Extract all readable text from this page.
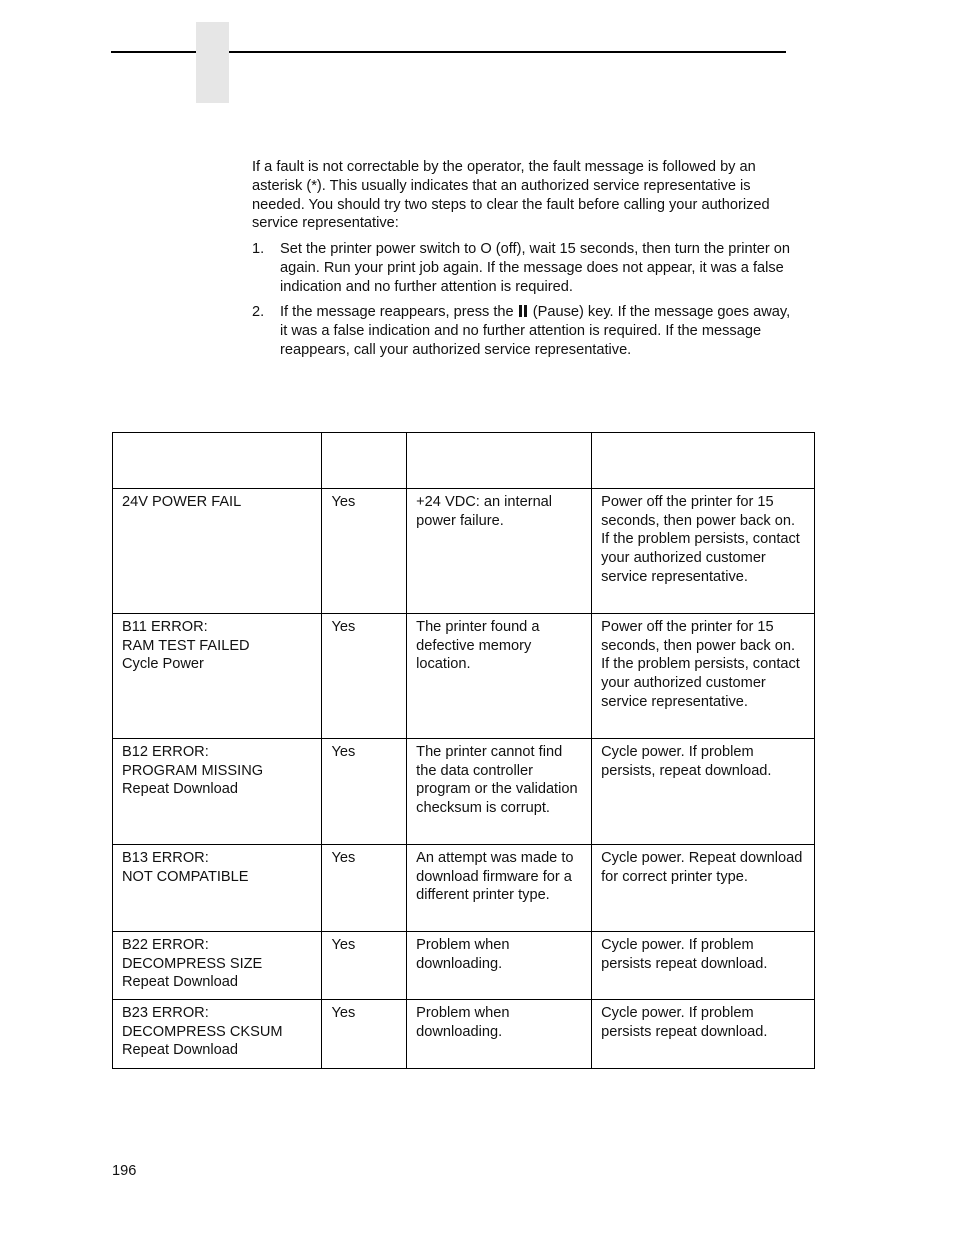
If a fault is not correctable by the operator, the fault message is followed by an asterisk (*). This usually indicates that an authorized service representative is needed. You should try two steps to clear the fault before calling your authorized service representative:

1. Set the printer power switch to O (off), wait 15 seconds, then turn the printer on again. Run your print job again. If the message does not appear, it was a false indication and no further attention is required.
2. If the message reappears, press the (Pause) key. If the message goes away, it was a false indication and no further attention is required. If the message reappears, call your authorized service representative.

24V POWER FAIL	Yes	+24 VDC: an internal power failure.	Power off the printer for 15 seconds, then power back on. If the problem persists, contact your authorized customer service representative.

B11 ERROR:
RAM TEST FAILED
Cycle Power	Yes	The printer found a defective memory location.	Power off the printer for 15 seconds, then power back on. If the problem persists, contact your authorized customer service representative.

B12 ERROR:
PROGRAM MISSING
Repeat Download	Yes	The printer cannot find the data controller program or the validation checksum is corrupt.	Cycle power. If problem persists, repeat download.

B13 ERROR:
NOT COMPATIBLE	Yes	An attempt was made to download firmware for a different printer type.	Cycle power. Repeat download for correct printer type.

B22 ERROR:
DECOMPRESS SIZE
Repeat Download	Yes	Problem when downloading.	Cycle power. If problem persists repeat download.

B23 ERROR:
DECOMPRESS CKSUM
Repeat Download	Yes	Problem when downloading.	Cycle power. If problem persists repeat download.
196
